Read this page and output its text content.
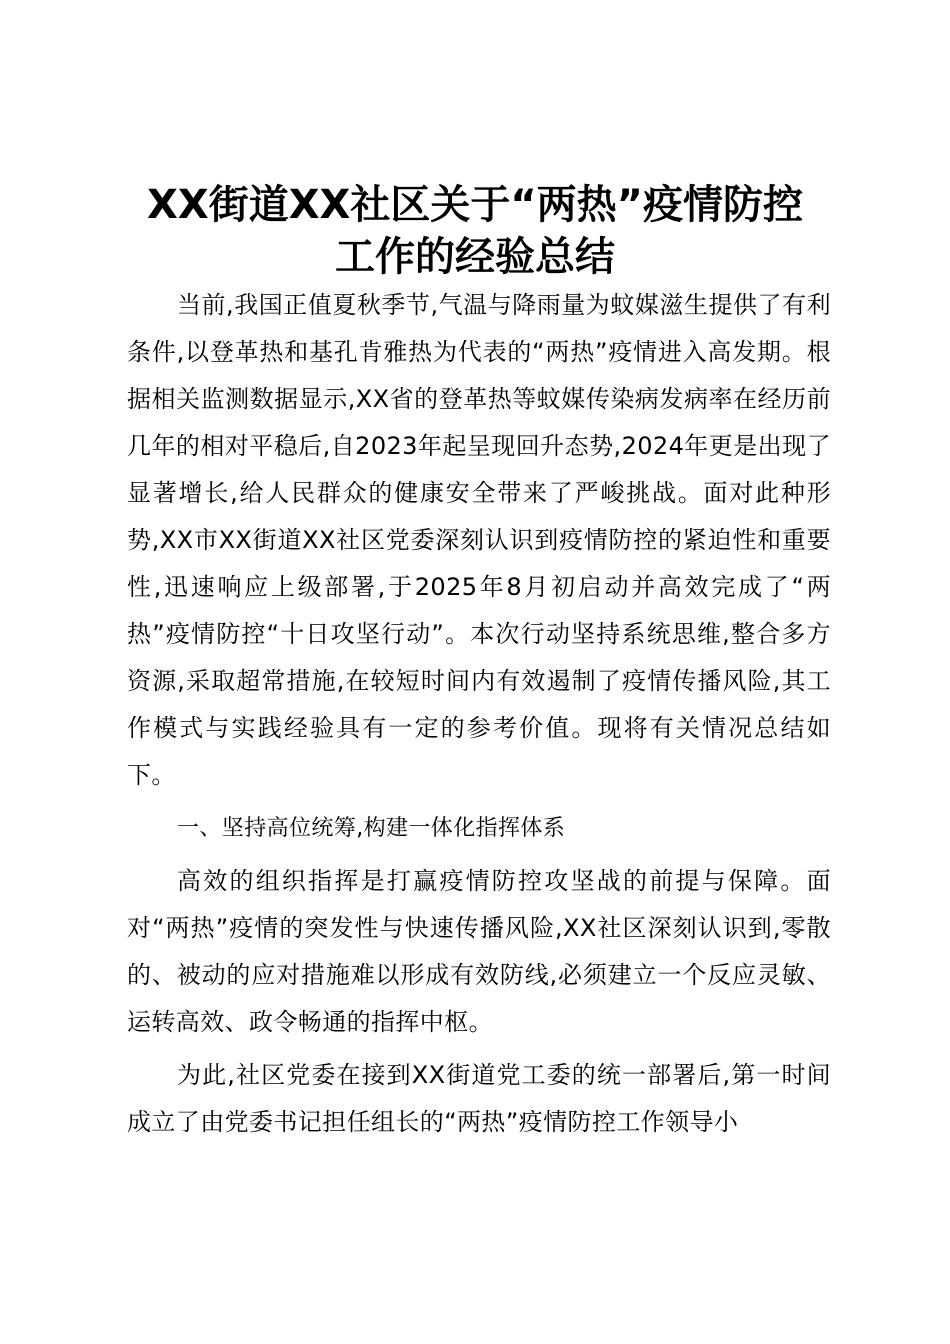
XX街道XX社区关于“两热”疫情防控
工作的经验总结

当前,我国正值夏秋季节,气温与降雨量为蚊媒滋生提供了有利条件,以登革热和基孔肯雅热为代表的“两热”疫情进入高发期。根据相关监测数据显示,XX省的登革热等蚊媒传染病发病率在经历前几年的相对平稳后,自2023年起呈现回升态势,2024年更是出现了显著增长,给人民群众的健康安全带来了严峻挑战。面对此种形势,XX市XX街道XX社区党委深刻认识到疫情防控的紧迫性和重要性,迅速响应上级部署,于2025年8月初启动并高效完成了“两热”疫情防控“十日攻坚行动”。本次行动坚持系统思维,整合多方资源,采取超常措施,在较短时间内有效遏制了疫情传播风险,其工作模式与实践经验具有一定的参考价值。现将有关情况总结如下。

一、坚持高位统筹,构建一体化指挥体系

高效的组织指挥是打赢疫情防控攻坚战的前提与保障。面对“两热”疫情的突发性与快速传播风险,XX社区深刻认识到,零散的、被动的应对措施难以形成有效防线,必须建立一个反应灵敏、运转高效、政令畅通的指挥中枢。

为此,社区党委在接到XX街道党工委的统一部署后,第一时间成立了由党委书记担任组长的“两热”疫情防控工作领导小
